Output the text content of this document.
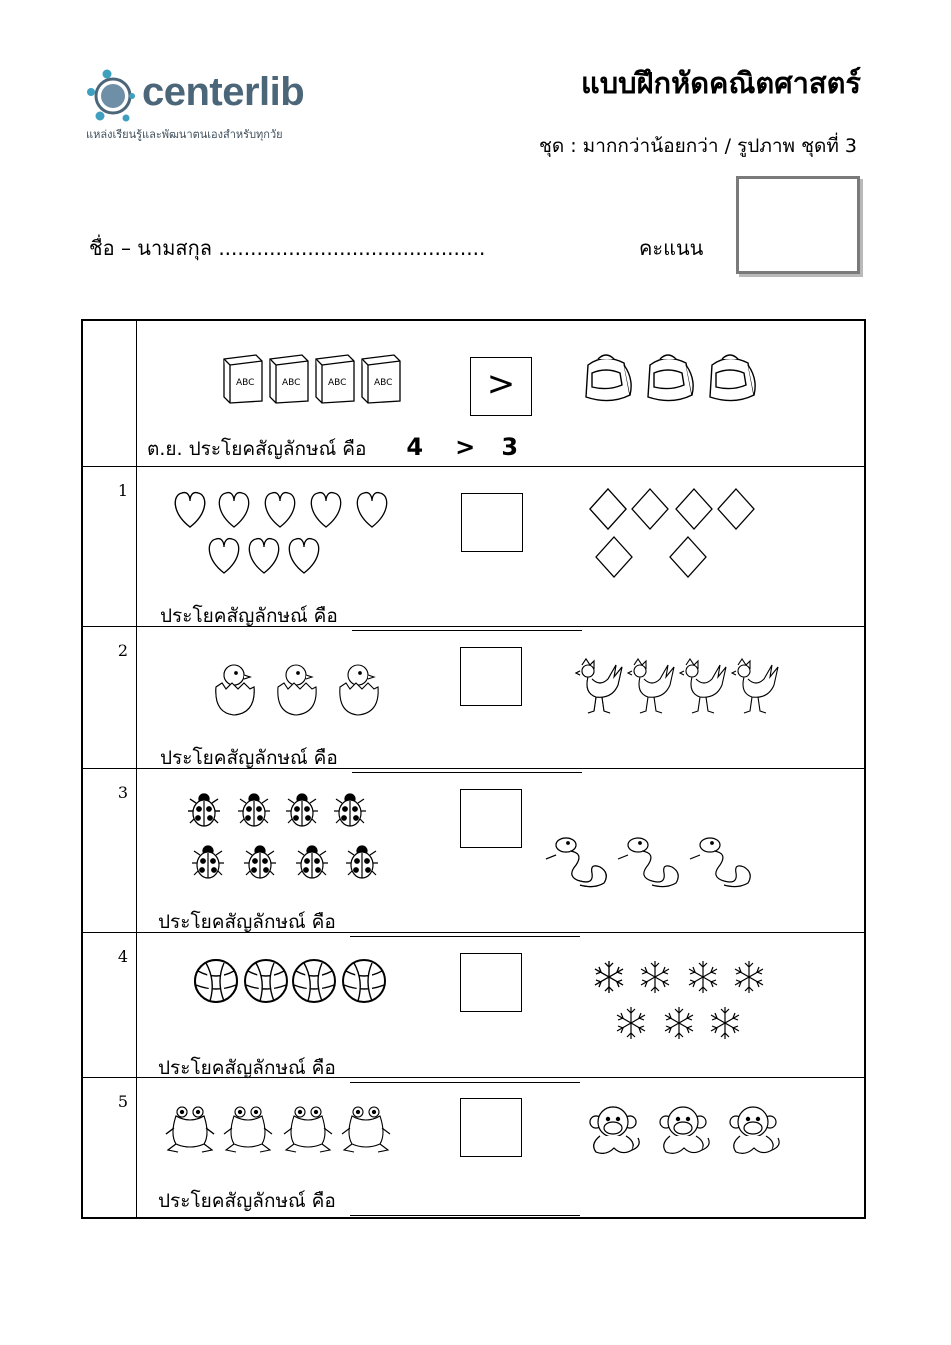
centerlib
แหล่งเรียนรู้และพัฒนาตนเองสำหรับทุกวัย
แบบฝึกหัดคณิตศาสตร์
ชุด : มากกว่าน้อยกว่า / รูปภาพ ชุดที่ 3
ชื่อ – นามสกุล ..........................................	คะแนน
ABC	>
ต.ย. ประโยคสัญลักษณ์ คือ 4 > 3
1
ประโยคสัญลักษณ์ คือ
2
ประโยคสัญลักษณ์ คือ
3
ประโยคสัญลักษณ์ คือ
4
ประโยคสัญลักษณ์ คือ
5
ประโยคสัญลักษณ์ คือ
